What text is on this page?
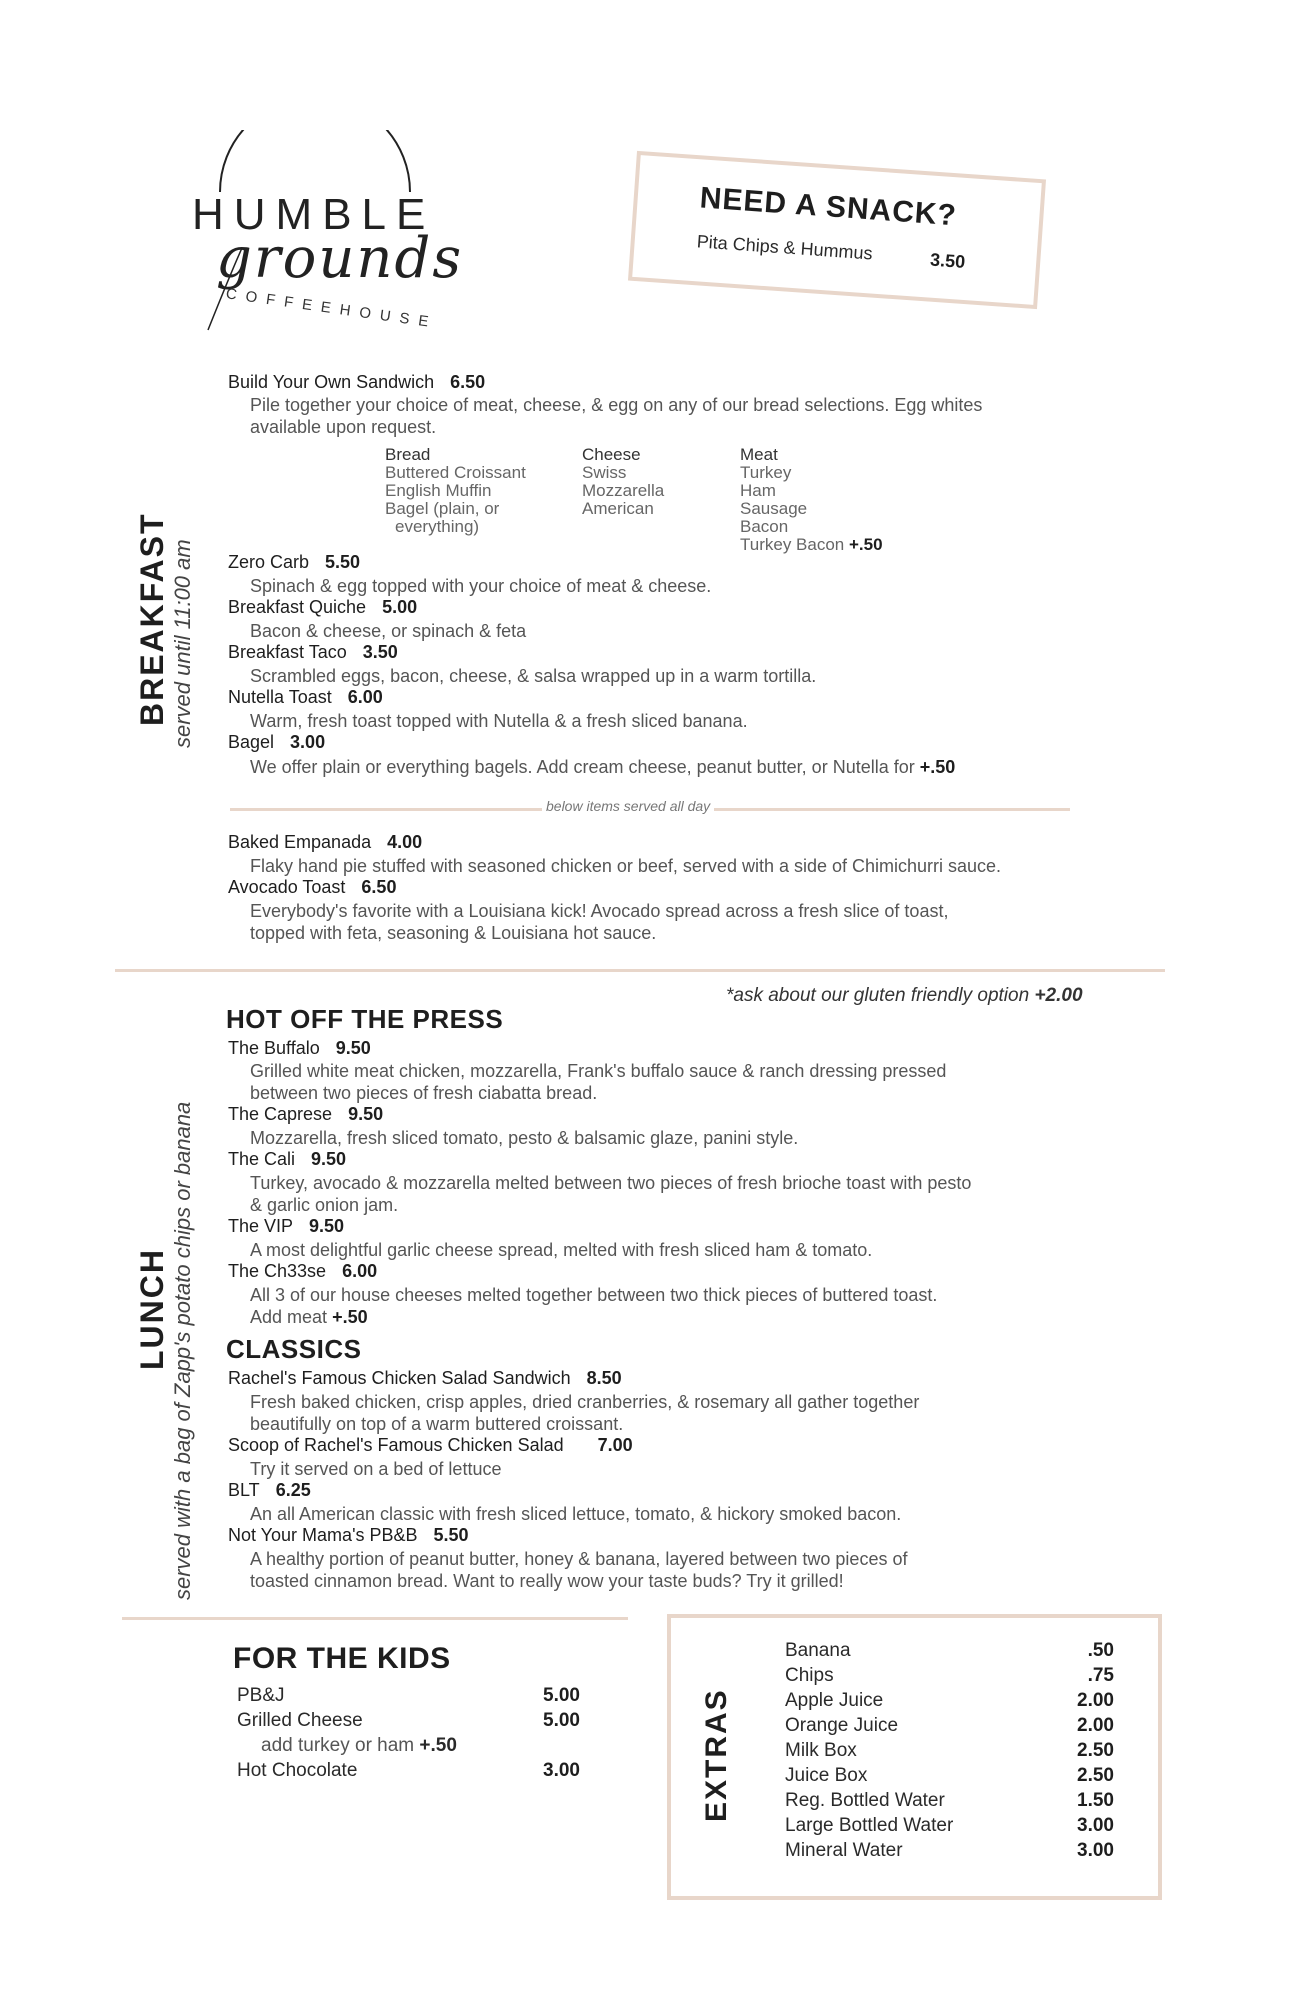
HUMBLE
grounds
COFFEEHOUSE
NEED A SNACK?
Pita Chips & Hummus	3.50
BREAKFAST served until 11:00 am
Build Your Own Sandwich 6.50
Pile together your choice of meat, cheese, & egg on any of our bread selections. Egg whites
available upon request.
Bread
Buttered Croissant
English Muffin
Bagel (plain, or
everything)
Cheese
Swiss
Mozzarella
American
Meat
Turkey
Ham
Sausage
Bacon
Turkey Bacon +.50
Zero Carb 5.50
Spinach & egg topped with your choice of meat & cheese.
Breakfast Quiche 5.00
Bacon & cheese, or spinach & feta
Breakfast Taco 3.50
Scrambled eggs, bacon, cheese, & salsa wrapped up in a warm tortilla.
Nutella Toast 6.00
Warm, fresh toast topped with Nutella & a fresh sliced banana.
Bagel 3.00
We offer plain or everything bagels. Add cream cheese, peanut butter, or Nutella for +.50
below items served all day
Baked Empanada 4.00
Flaky hand pie stuffed with seasoned chicken or beef, served with a side of Chimichurri sauce.
Avocado Toast 6.50
Everybody's favorite with a Louisiana kick! Avocado spread across a fresh slice of toast,
topped with feta, seasoning & Louisiana hot sauce.
LUNCH served with a bag of Zapp's potato chips or banana
*ask about our gluten friendly option +2.00
HOT OFF THE PRESS
The Buffalo 9.50
Grilled white meat chicken, mozzarella, Frank's buffalo sauce & ranch dressing pressed
between two pieces of fresh ciabatta bread.
The Caprese 9.50
Mozzarella, fresh sliced tomato, pesto & balsamic glaze, panini style.
The Cali 9.50
Turkey, avocado & mozzarella melted between two pieces of fresh brioche toast with pesto
& garlic onion jam.
The VIP 9.50
A most delightful garlic cheese spread, melted with fresh sliced ham & tomato.
The Ch33se 6.00
All 3 of our house cheeses melted together between two thick pieces of buttered toast.
Add meat +.50
CLASSICS
Rachel's Famous Chicken Salad Sandwich 8.50
Fresh baked chicken, crisp apples, dried cranberries, & rosemary all gather together
beautifully on top of a warm buttered croissant.
Scoop of Rachel's Famous Chicken Salad 7.00
Try it served on a bed of lettuce
BLT 6.25
An all American classic with fresh sliced lettuce, tomato, & hickory smoked bacon.
Not Your Mama's PB&B 5.50
A healthy portion of peanut butter, honey & banana, layered between two pieces of
toasted cinnamon bread. Want to really wow your taste buds? Try it grilled!
FOR THE KIDS
PB&J	5.00
Grilled Cheese	5.00
add turkey or ham +.50
Hot Chocolate	3.00	EXTRAS
Banana	.50
Chips	.75
Apple Juice	2.00
Orange Juice	2.00
Milk Box	2.50
Juice Box	2.50
Reg. Bottled Water	1.50
Large Bottled Water	3.00
Mineral Water	3.00
